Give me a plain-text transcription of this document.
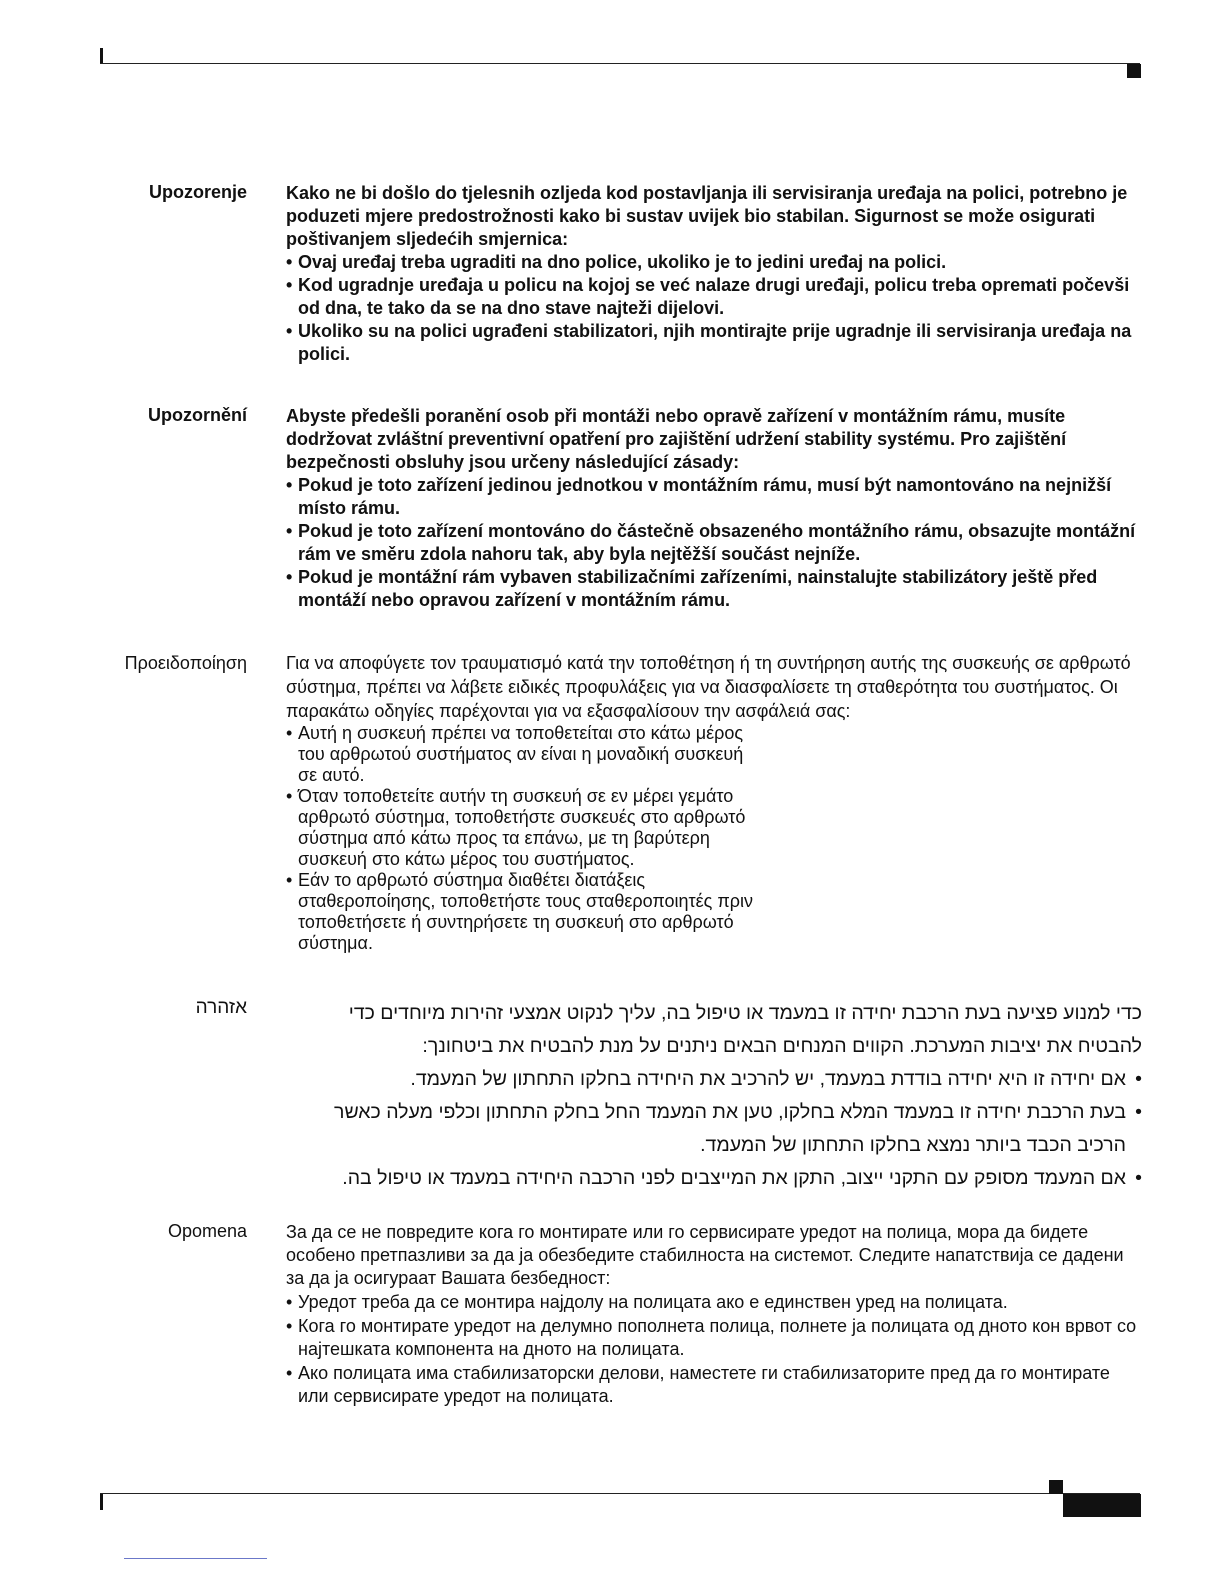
Upozorenje Kako ne bi došlo do tjelesnih ozljeda kod postavljanja ili servisiranja uređaja na polici, potrebno je poduzeti mjere predostrožnosti kako bi sustav uvijek bio stabilan. Sigurnost se može osigurati poštivanjem sljedećih smjernica:

• Ovaj uređaj treba ugraditi na dno police, ukoliko je to jedini uređaj na polici.
• Kod ugradnje uređaja u policu na kojoj se već nalaze drugi uređaji, policu treba opremati počevši od dna, te tako da se na dno stave najteži dijelovi.
• Ukoliko su na polici ugrađeni stabilizatori, njih montirajte prije ugradnje ili servisiranja uređaja na polici.
Upozornění Abyste předešli poranění osob při montáži nebo opravě zařízení v montážním rámu, musíte dodržovat zvláštní preventivní opatření pro zajištění udržení stability systému. Pro zajištění bezpečnosti obsluhy jsou určeny následující zásady:

• Pokud je toto zařízení jedinou jednotkou v montážním rámu, musí být namontováno na nejnižší místo rámu.
• Pokud je toto zařízení montováno do částečně obsazeného montážního rámu, obsazujte montážní rám ve směru zdola nahoru tak, aby byla nejtěžší součást nejníže.
• Pokud je montážní rám vybaven stabilizačními zařízeními, nainstalujte stabilizátory ještě před montáží nebo opravou zařízení v montážním rámu.
Προειδοποίηση Για να αποφύγετε τον τραυματισμό κατά την τοποθέτηση ή τη συντήρηση αυτής της συσκευής σε αρθρωτό σύστημα, πρέπει να λάβετε ειδικές προφυλάξεις για να διασφαλίσετε τη σταθερότητα του συστήματος. Οι παρακάτω οδηγίες παρέχονται για να εξασφαλίσουν την ασφάλειά σας:

• Αυτή η συσκευή πρέπει να τοποθετείται στο κάτω μέρος του αρθρωτού συστήματος αν είναι η μοναδική συσκευή σε αυτό.
• Όταν τοποθετείτε αυτήν τη συσκευή σε εν μέρει γεμάτο αρθρωτό σύστημα, τοποθετήστε συσκευές στο αρθρωτό σύστημα από κάτω προς τα επάνω, με τη βαρύτερη συσκευή στο κάτω μέρος του συστήματος.
• Εάν το αρθρωτό σύστημα διαθέτει διατάξεις σταθεροποίησης, τοποθετήστε τους σταθεροποιητές πριν τοποθετήσετε ή συντηρήσετε τη συσκευή στο αρθρωτό σύστημα.
אזהרה	כדי למנוע פציעה בעת הרכבת יחידה זו במעמד או טיפול בה, עליך לנקוט אמצעי זהירות מיוחדים כדי להבטיח את יציבות המערכת. הקווים המנחים הבאים ניתנים על מנת להבטיח את ביטחונך:

• אם יחידה זו היא יחידה בודדת במעמד, יש להרכיב את היחידה בחלקו התחתון של המעמד.
• בעת הרכבת יחידה זו במעמד המלא בחלקו, טען את המעמד החל בחלק התחתון וכלפי מעלה כאשר הרכיב הכבד ביותר נמצא בחלקו התחתון של המעמד.
• אם המעמד מסופק עם התקני ייצוב, התקן את המייצבים לפני הרכבה היחידה במעמד או טיפול בה.
Opomena За да се не повредите кога го монтирате или го сервисирате уредот на полица, мора да бидете особено претпазливи за да ја обезбедите стабилноста на системот. Следите напатствија се дадени за да ја осигураат Вашата безбедност:

• Уредот треба да се монтира најдолу на полицата ако е единствен уред на полицата.
• Кога го монтирате уредот на делумно пополнета полица, полнете ја полицата од дното кон врвот со најтешката компонента на дното на полицата.
• Ако полицата има стабилизаторски делови, наместете ги стабилизаторите пред да го монтирате или сервисирате уредот на полицата.
